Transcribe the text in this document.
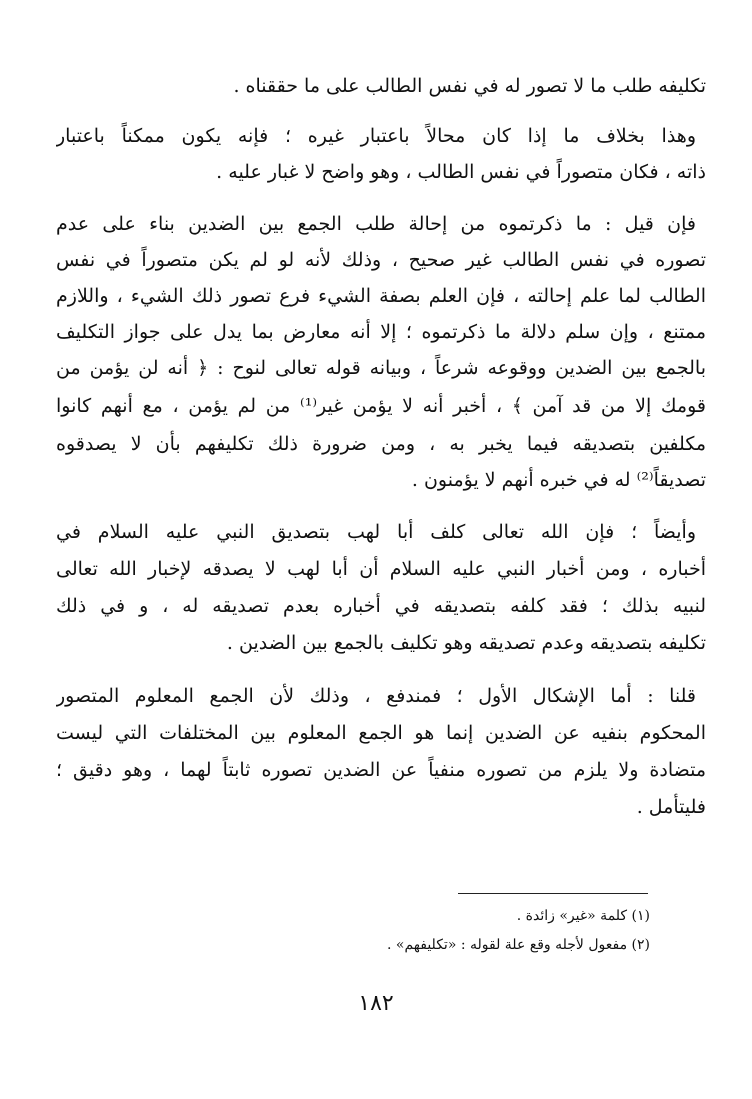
تكليفه طلب ما لا تصور له في نفس الطالب على ما حققناه .
وهذا بخلاف ما إذا كان محالاً باعتبار غيره ؛ فإنه يكون ممكناً باعتبار
ذاته ، فكان متصوراً في نفس الطالب ، وهو واضح لا غبار عليه .
فإن قيل : ما ذكرتموه من إحالة طلب الجمع بين الضدين بناء على عدم
تصوره في نفس الطالب غير صحيح ، وذلك لأنه لو لم يكن متصوراً في نفس
الطالب لما علم إحالته ، فإن العلم بصفة الشيء فرع تصور ذلك الشيء ، واللازم
ممتنع ، وإن سلم دلالة ما ذكرتموه ؛ إلا أنه معارض بما يدل على جواز التكليف
بالجمع بين الضدين ووقوعه شرعاً ، وبيانه قوله تعالى لنوح : ﴿ أنه لن يؤمن من
قومك إلا من قد آمن ﴾ ، أخبر أنه لا يؤمن غير⁽¹⁾ من لم يؤمن ، مع أنهم كانوا
مكلفين بتصديقه فيما يخبر به ، ومن ضرورة ذلك تكليفهم بأن لا يصدقوه
تصديقاً⁽²⁾ له في خبره أنهم لا يؤمنون .
وأيضاً ؛ فإن الله تعالى كلف أبا لهب بتصديق النبي عليه السلام في
أخباره ، ومن أخبار النبي عليه السلام أن أبا لهب لا يصدقه لإخبار الله تعالى
لنبيه بذلك ؛ فقد كلفه بتصديقه في أخباره بعدم تصديقه له ، و في ذلك
تكليفه بتصديقه وعدم تصديقه وهو تكليف بالجمع بين الضدين .
قلنا : أما الإشكال الأول ؛ فمندفع ، وذلك لأن الجمع المعلوم المتصور
المحكوم بنفيه عن الضدين إنما هو الجمع المعلوم بين المختلفات التي ليست
متضادة ولا يلزم من تصوره منفياً عن الضدين تصوره ثابتاً لهما ، وهو دقيق ؛
فليتأمل .
(١) كلمة «غير» زائدة .
(٢) مفعول لأجله وقع علة لقوله : «تكليفهم» .
١٨٢
